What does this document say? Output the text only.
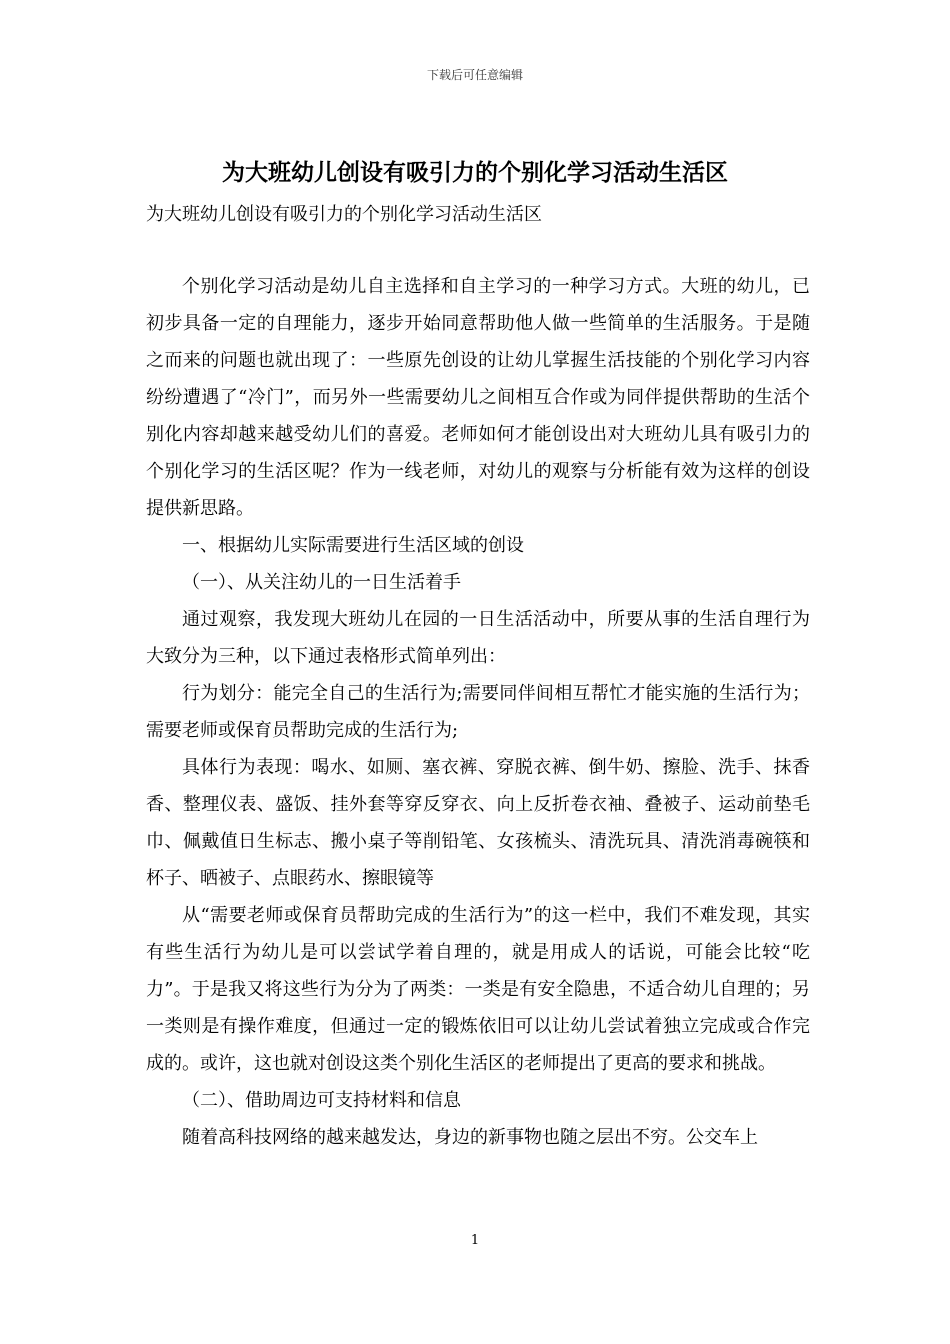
下载后可任意编辑
为大班幼儿创设有吸引力的个别化学习活动生活区
为大班幼儿创设有吸引力的个别化学习活动生活区

个别化学习活动是幼儿自主选择和自主学习的一种学习方式。大班的幼儿，已初步具备一定的自理能力，逐步开始同意帮助他人做一些简单的生活服务。于是随之而来的问题也就出现了：一些原先创设的让幼儿掌握生活技能的个别化学习内容纷纷遭遇了“冷门”，而另外一些需要幼儿之间相互合作或为同伴提供帮助的生活个别化内容却越来越受幼儿们的喜爱。老师如何才能创设出对大班幼儿具有吸引力的个别化学习的生活区呢？作为一线老师，对幼儿的观察与分析能有效为这样的创设提供新思路。

一、根据幼儿实际需要进行生活区域的创设

（一）、从关注幼儿的一日生活着手

通过观察，我发现大班幼儿在园的一日生活活动中，所要从事的生活自理行为大致分为三种，以下通过表格形式简单列出：

行为划分：能完全自己的生活行为;需要同伴间相互帮忙才能实施的生活行为；需要老师或保育员帮助完成的生活行为;

具体行为表现：喝水、如厕、塞衣裤、穿脱衣裤、倒牛奶、擦脸、洗手、抹香香、整理仪表、盛饭、挂外套等穿反穿衣、向上反折卷衣袖、叠被子、运动前垫毛巾、佩戴值日生标志、搬小桌子等削铅笔、女孩梳头、清洗玩具、清洗消毒碗筷和杯子、晒被子、点眼药水、擦眼镜等

从“需要老师或保育员帮助完成的生活行为”的这一栏中，我们不难发现，其实有些生活行为幼儿是可以尝试学着自理的，就是用成人的话说，可能会比较“吃力”。于是我又将这些行为分为了两类：一类是有安全隐患，不适合幼儿自理的；另一类则是有操作难度，但通过一定的锻炼依旧可以让幼儿尝试着独立完成或合作完成的。或许，这也就对创设这类个别化生活区的老师提出了更高的要求和挑战。

（二）、借助周边可支持材料和信息

随着高科技网络的越来越发达，身边的新事物也随之层出不穷。公交车上

1
